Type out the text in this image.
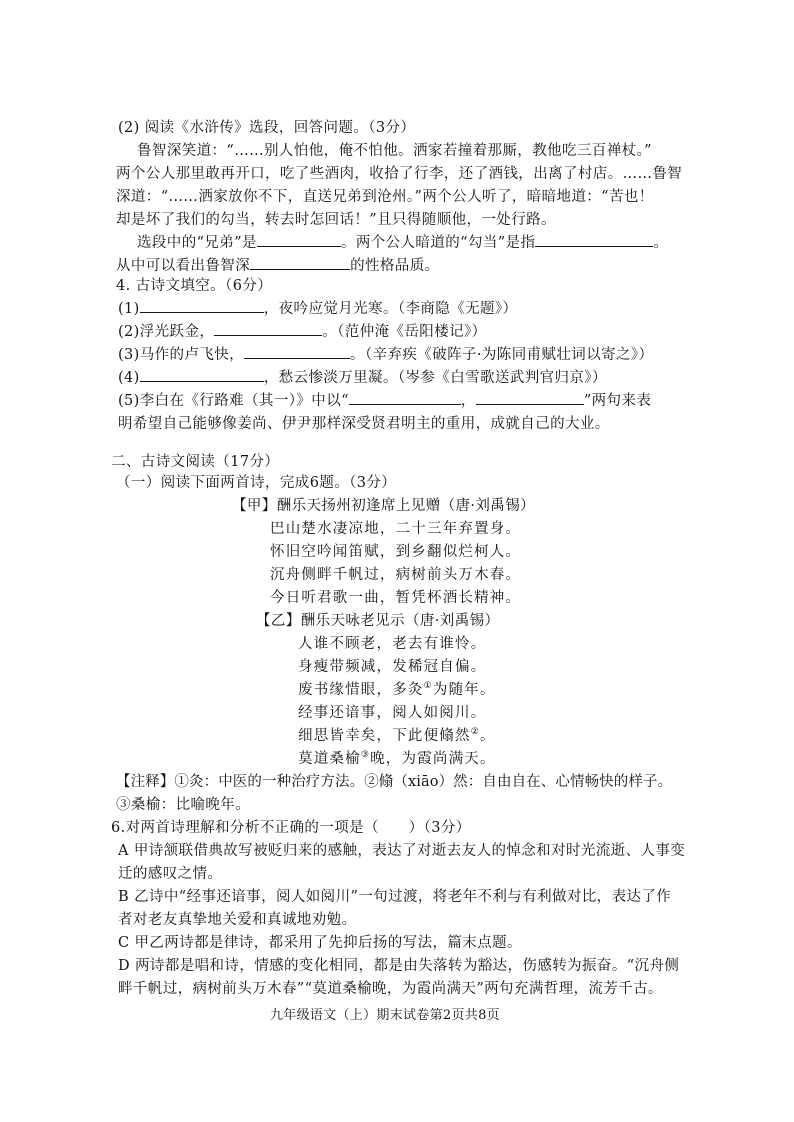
(2) 阅读《水浒传》选段，回答问题。（3分）
鲁智深笑道：“……别人怕他，俺不怕他。洒家若撞着那厮，教他吃三百禅杖。”
两个公人那里敢再开口，吃了些酒肉，收拾了行李，还了酒钱，出离了村店。……鲁智
深道：“……洒家放你不下，直送兄弟到沧州。”两个公人听了，暗暗地道：“苦也！
却是坏了我们的勾当，转去时怎回话！”且只得随顺他，一处行路。
选段中的“兄弟”是	。两个公人暗道的“勾当”是指	。
从中可以看出鲁智深	的性格品质。
4. 古诗文填空。（6分）
(1)	，夜吟应觉月光寒。（李商隐《无题》）
(2)浮光跃金，	。（范仲淹《岳阳楼记》）
(3)马作的卢飞快，	。（辛弃疾《破阵子·为陈同甫赋壮词以寄之》）
(4)	，愁云惨淡万里凝。（岑参《白雪歌送武判官归京》）
(5)李白在《行路难（其一）》中以“	，	”两句来表
明希望自己能够像姜尚、伊尹那样深受贤君明主的重用，成就自己的大业。
二、古诗文阅读（17分）
（一）阅读下面两首诗，完成6题。（3分）
【甲】酬乐天扬州初逢席上见赠（唐·刘禹锡）
巴山楚水凄凉地，二十三年弃置身。
怀旧空吟闻笛赋，到乡翻似烂柯人。
沉舟侧畔千帆过，病树前头万木春。
今日听君歌一曲，暂凭杯酒长精神。
【乙】酬乐天咏老见示（唐·刘禹锡）
人谁不顾老，老去有谁怜。
身瘦带频减，发稀冠自偏。
废书缘惜眼，多灸①为随年。
经事还谙事，阅人如阅川。
细思皆幸矣，下此便翛然②。
莫道桑榆③晚，为霞尚满天。
【注释】①灸：中医的一种治疗方法。②翛（xiāo）然：自由自在、心情畅快的样子。
③桑榆：比喻晚年。
6.对两首诗理解和分析不正确的一项是（　　）（3分）
A 甲诗颔联借典故写被贬归来的感触，表达了对逝去友人的悼念和对时光流逝、人事变
迁的感叹之情。
B 乙诗中“经事还谙事，阅人如阅川”一句过渡，将老年不利与有利做对比，表达了作
者对老友真挚地关爱和真诚地劝勉。
C 甲乙两诗都是律诗，都采用了先抑后扬的写法，篇末点题。
D 两诗都是唱和诗，情感的变化相同，都是由失落转为豁达，伤感转为振奋。“沉舟侧
畔千帆过，病树前头万木春”“莫道桑榆晚，为霞尚满天”两句充满哲理，流芳千古。
九年级语文（上）期末试卷第2页共8页
